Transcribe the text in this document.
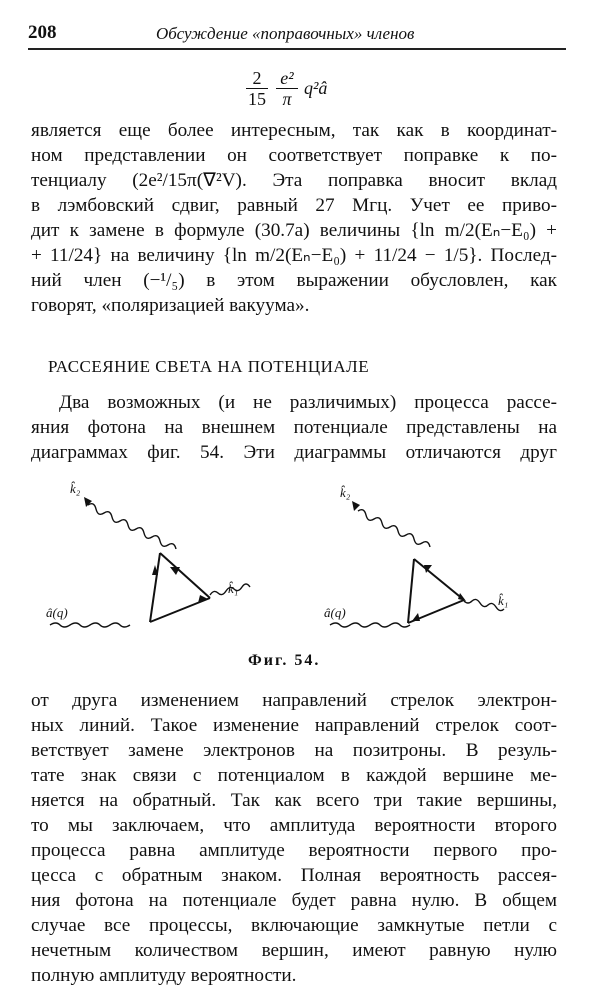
208	Обсуждение «поправочных» членов
$\frac{2}{15} \frac{\text{e²}}{\pi}$ q²â
является еще более интересным, так как в координат-
ном представлении он соответствует поправке к по-
тенциалу (2e²/15π(∇²V). Эта поправка вносит вклад
в лэмбовский сдвиг, равный 27 Мгц. Учет ее приво-
дит к замене в формуле (30.7а) величины {ln m/2(Eₙ−E₀) +
+ 11/24} на величину {ln m/2(Eₙ−E₀) + 11/24 − 1/5}. Послед-
ний член (−¹/₅) в этом выражении обусловлен, как
говорят, «поляризацией вакуума».
РАССЕЯНИЕ СВЕТА НА ПОТЕНЦИАЛЕ
Два возможных (и не различимых) процесса рассе-
яния фотона на внешнем потенциале представлены на
диаграммах фиг. 54. Эти диаграммы отличаются друг
k̂₂
k̂₁
â(q)
k̂₂
k̂₁
â(q)
Фиг. 54.
от друга изменением направлений стрелок электрон-
ных линий. Такое изменение направлений стрелок соот-
ветствует замене электронов на позитроны. В резуль-
тате знак связи с потенциалом в каждой вершине ме-
няется на обратный. Так как всего три такие вершины,
то мы заключаем, что амплитуда вероятности второго
процесса равна амплитуде вероятности первого про-
цесса с обратным знаком. Полная вероятность рассея-
ния фотона на потенциале будет равна нулю. В общем
случае все процессы, включающие замкнутые петли с
нечетным количеством вершин, имеют равную нулю
полную амплитуду вероятности.
